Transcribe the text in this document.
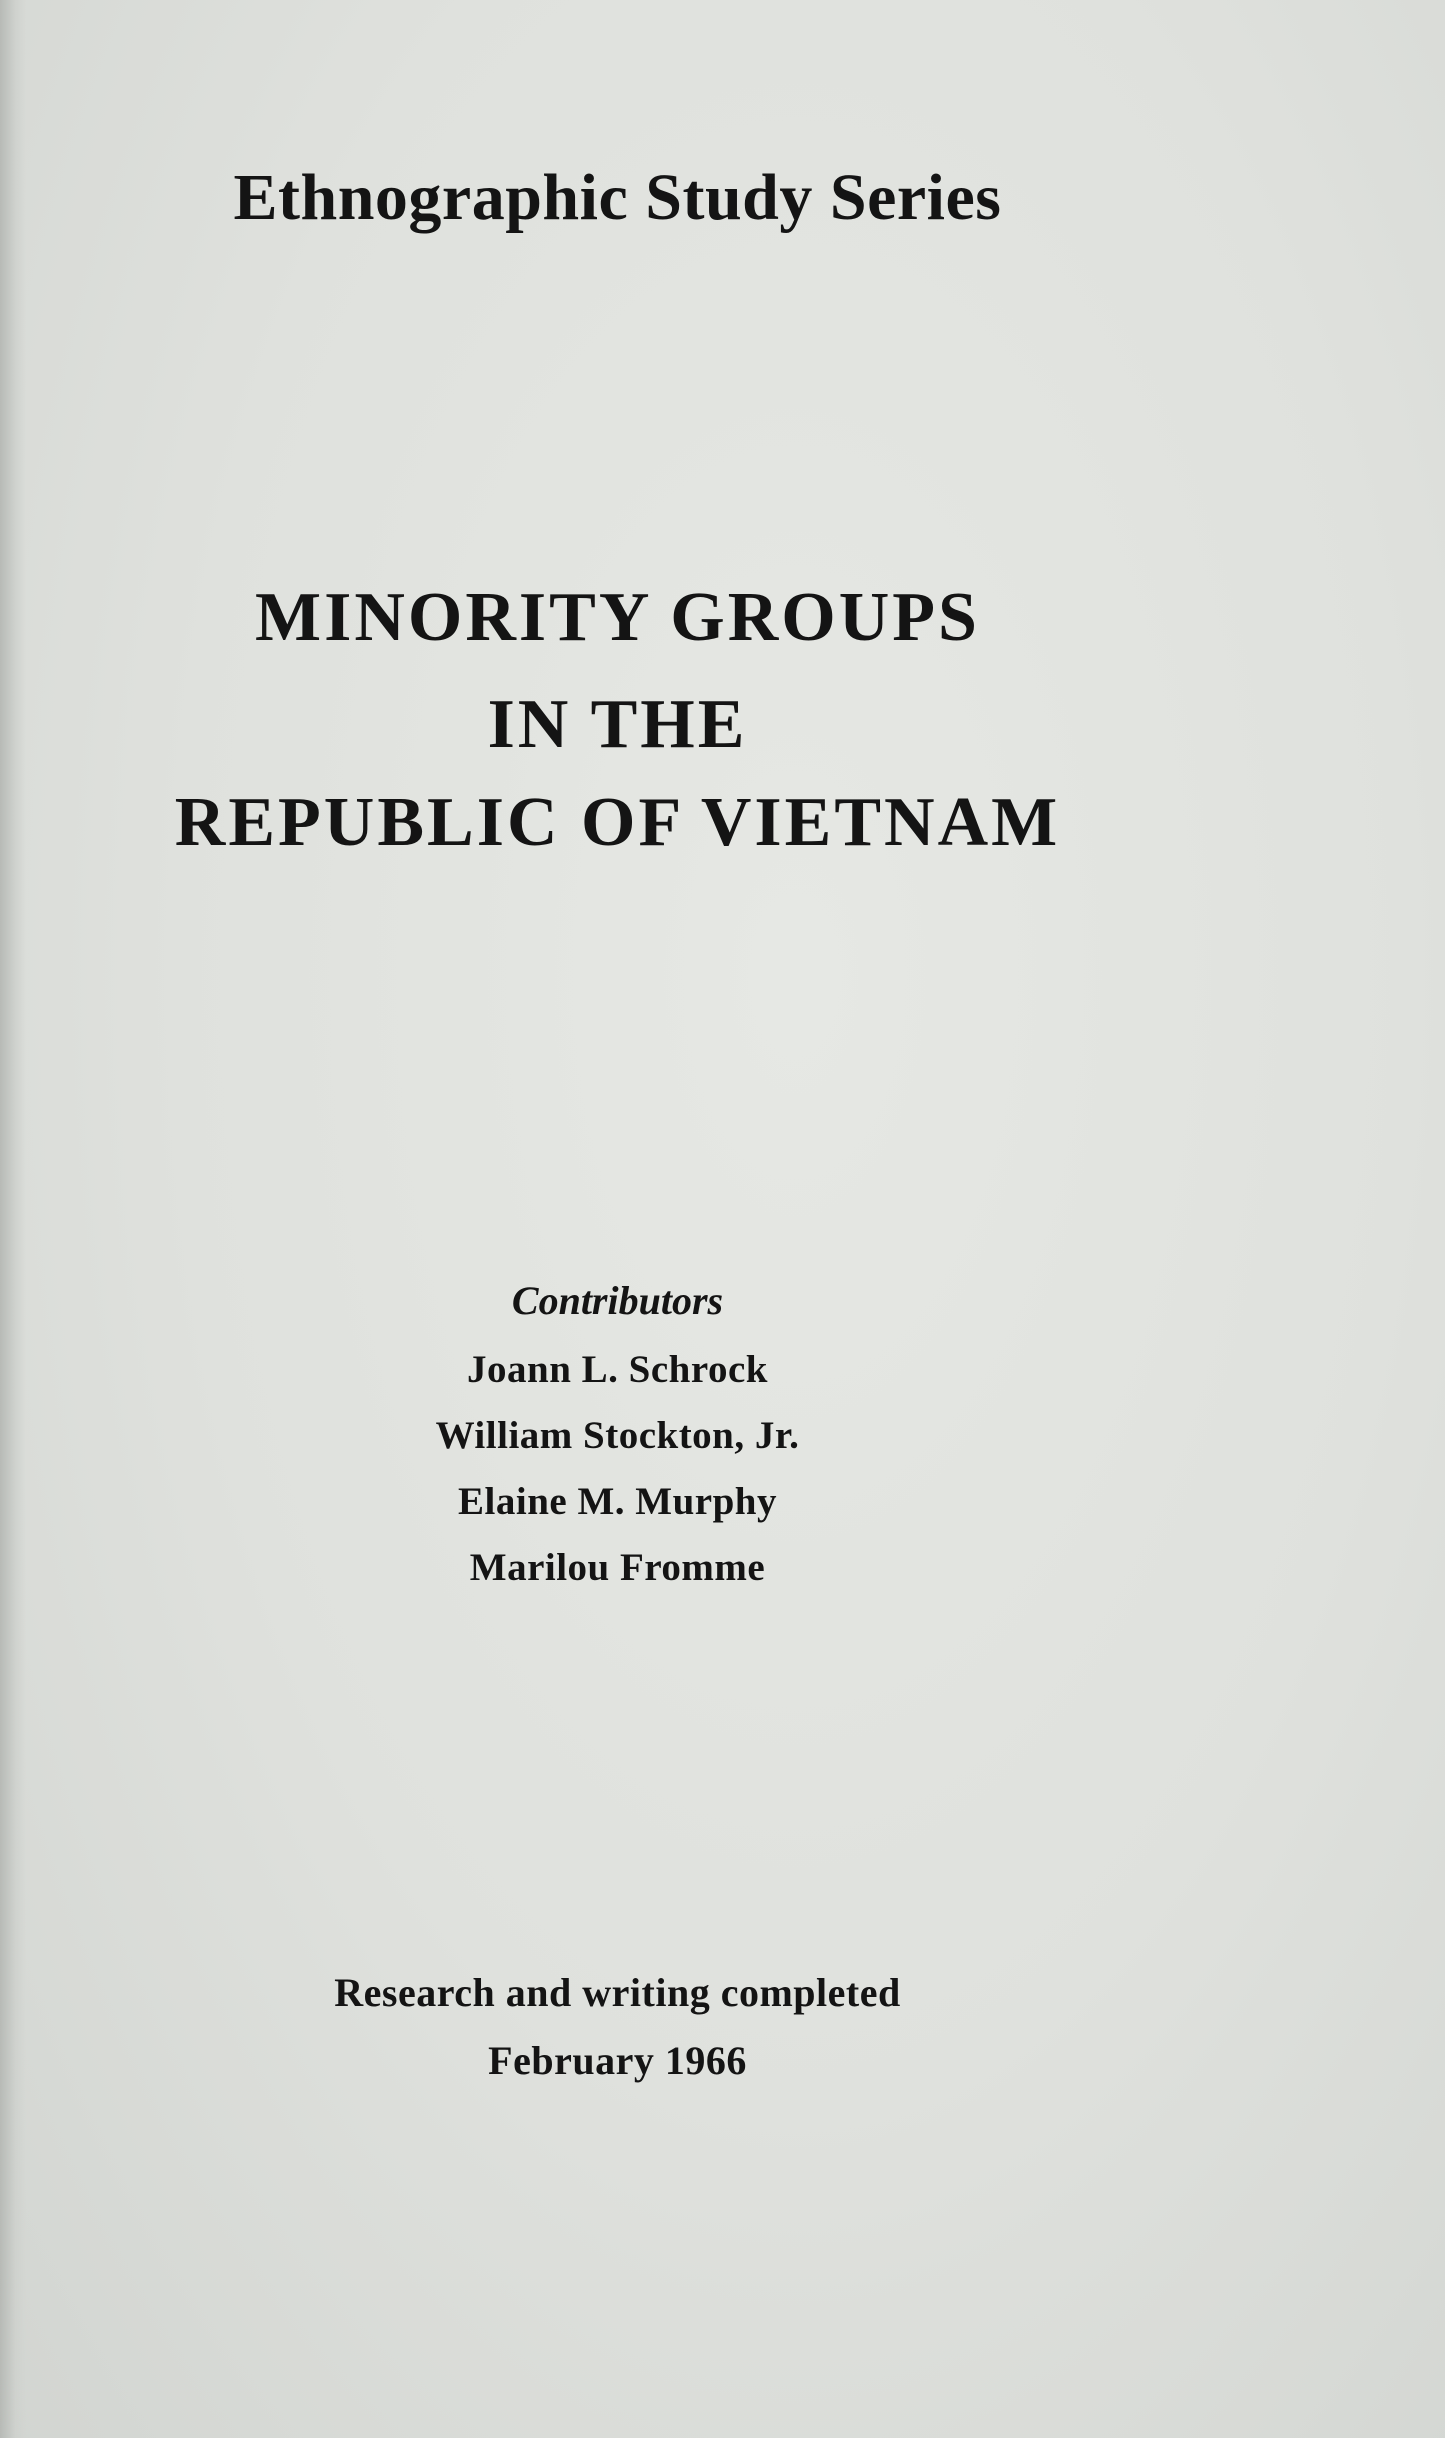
Ethnographic Study Series
MINORITY GROUPS
IN THE
REPUBLIC OF VIETNAM
Contributors
Joann L. Schrock
William Stockton, Jr.
Elaine M. Murphy
Marilou Fromme
Research and writing completed
February 1966
